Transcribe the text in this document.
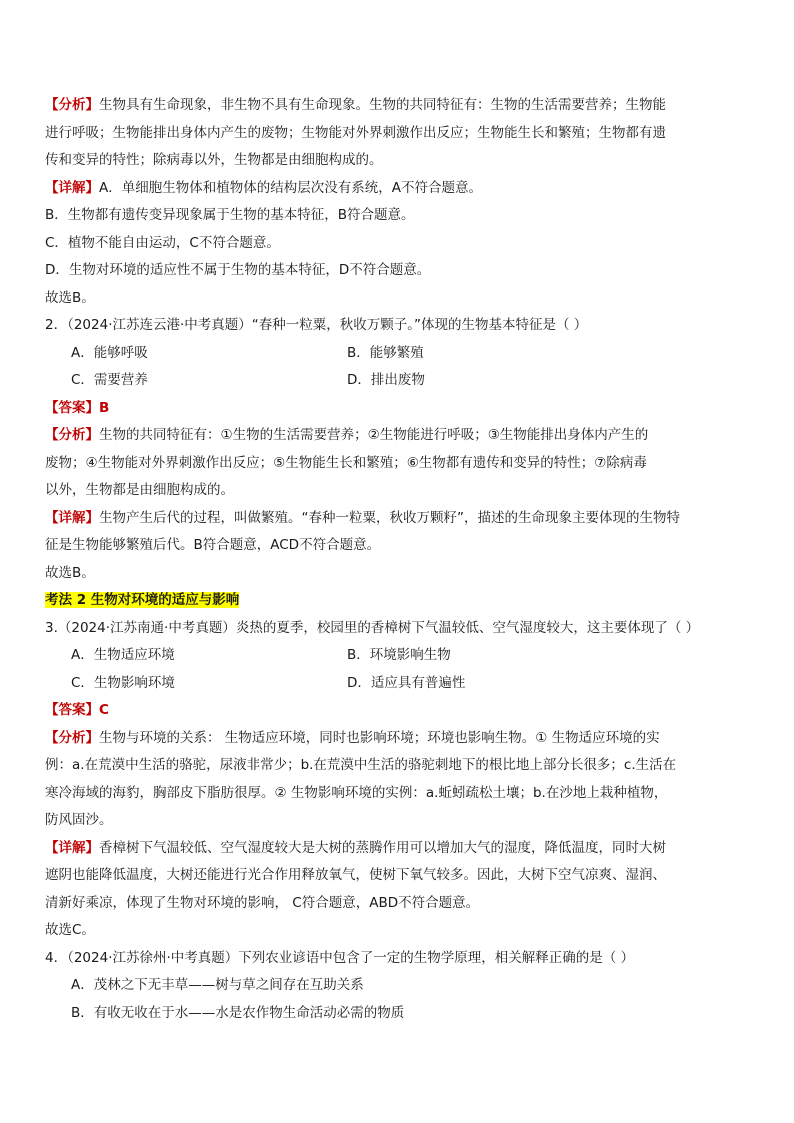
【分析】生物具有生命现象，非生物不具有生命现象。生物的共同特征有：生物的生活需要营养；生物能
进行呼吸；生物能排出身体内产生的废物；生物能对外界刺激作出反应；生物能生长和繁殖；生物都有遗
传和变异的特性；除病毒以外，生物都是由细胞构成的。
【详解】A．单细胞生物体和植物体的结构层次没有系统，A不符合题意。
B．生物都有遗传变异现象属于生物的基本特征，B符合题意。
C．植物不能自由运动，C不符合题意。
D．生物对环境的适应性不属于生物的基本特征，D不符合题意。
故选B。
2．（2024·江苏连云港·中考真题）“春种一粒粟，秋收万颗子。”体现的生物基本特征是（ ）
A．能够呼吸	B．能够繁殖
C．需要营养	D．排出废物
【答案】B
【分析】生物的共同特征有：①生物的生活需要营养；②生物能进行呼吸；③生物能排出身体内产生的
废物；④生物能对外界刺激作出反应；⑤生物能生长和繁殖；⑥生物都有遗传和变异的特性；⑦除病毒
以外，生物都是由细胞构成的。
【详解】生物产生后代的过程，叫做繁殖。“春种一粒粟，秋收万颗籽”，描述的生命现象主要体现的生物特
征是生物能够繁殖后代。B符合题意，ACD不符合题意。
故选B。
考法 2 生物对环境的适应与影响
3.（2024·江苏南通·中考真题）炎热的夏季，校园里的香樟树下气温较低、空气湿度较大，这主要体现了（ ）
A．生物适应环境	B．环境影响生物
C．生物影响环境	D．适应具有普遍性
【答案】C
【分析】生物与环境的关系： 生物适应环境，同时也影响环境；环境也影响生物。① 生物适应环境的实
例：a.在荒漠中生活的骆驼，尿液非常少；b.在荒漠中生活的骆驼刺地下的根比地上部分长很多；c.生活在
寒冷海域的海豹，胸部皮下脂肪很厚。② 生物影响环境的实例：a.蚯蚓疏松土壤；b.在沙地上栽种植物，
防风固沙。
【详解】香樟树下气温较低、空气湿度较大是大树的蒸腾作用可以增加大气的湿度，降低温度，同时大树
遮阴也能降低温度，大树还能进行光合作用释放氧气，使树下氧气较多。因此，大树下空气凉爽、湿润、
清新好乘凉，体现了生物对环境的影响， C符合题意，ABD不符合题意。
故选C。
4．（2024·江苏徐州·中考真题）下列农业谚语中包含了一定的生物学原理，相关解释正确的是（ ）
A．茂林之下无丰草——树与草之间存在互助关系
B．有收无收在于水——水是农作物生命活动必需的物质
